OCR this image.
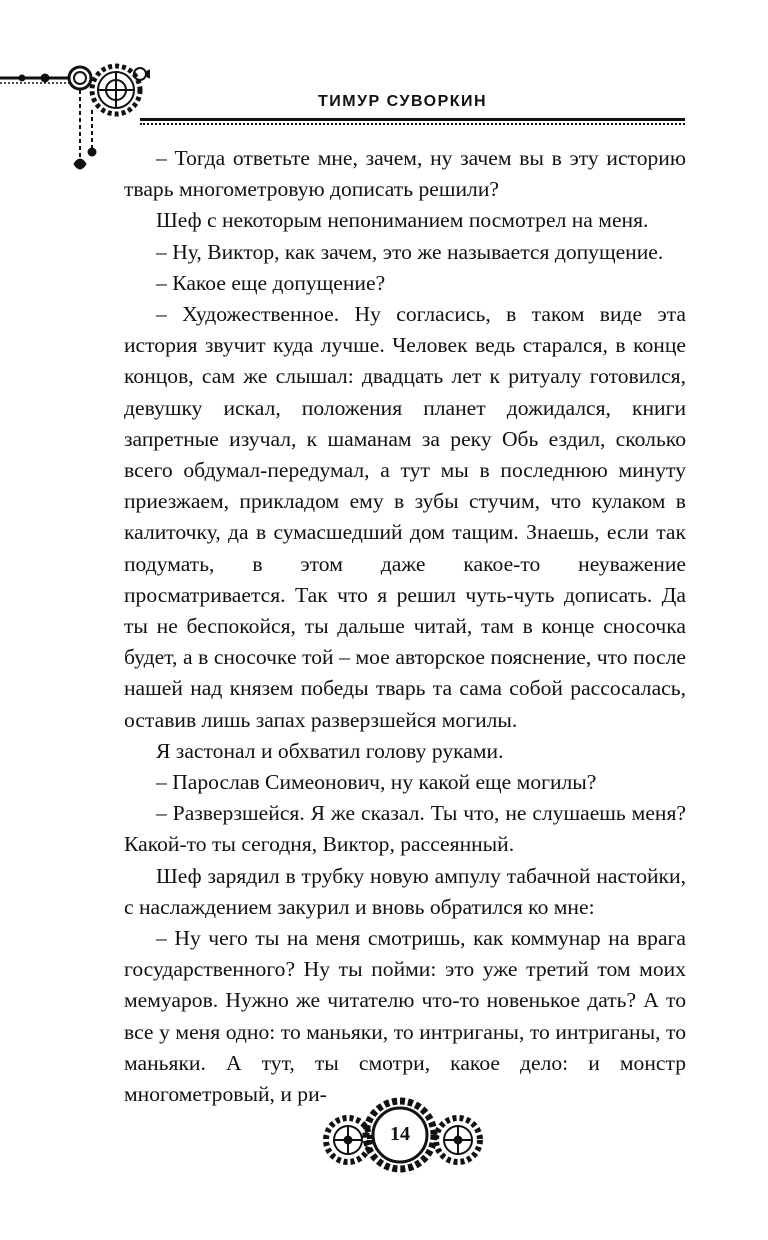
ТИМУР СУВОРКИН

– Тогда ответьте мне, зачем, ну зачем вы в эту историю тварь многометровую дописать решили?

Шеф с некоторым непониманием посмотрел на меня.

– Ну, Виктор, как зачем, это же называется допущение.

– Какое еще допущение?

– Художественное. Ну согласись, в таком виде эта история звучит куда лучше. Человек ведь старался, в конце концов, сам же слышал: двадцать лет к ритуалу готовился, девушку искал, положения планет дожидался, книги запретные изучал, к шаманам за реку Обь ездил, сколько всего обдумал-передумал, а тут мы в последнюю минуту приезжаем, прикладом ему в зубы стучим, что кулаком в калиточку, да в сумасшедший дом тащим. Знаешь, если так подумать, в этом даже какое-то неуважение просматривается. Так что я решил чуть-чуть дописать. Да ты не беспокойся, ты дальше читай, там в конце сносочка будет, а в сносочке той – мое авторское пояснение, что после нашей над князем победы тварь та сама собой рассосалась, оставив лишь запах разверзшейся могилы.

Я застонал и обхватил голову руками.

– Парослав Симеонович, ну какой еще могилы?

– Разверзшейся. Я же сказал. Ты что, не слушаешь меня? Какой-то ты сегодня, Виктор, рассеянный.

Шеф зарядил в трубку новую ампулу табачной настойки, с наслаждением закурил и вновь обратился ко мне:

– Ну чего ты на меня смотришь, как коммунар на врага государственного? Ну ты пойми: это уже третий том моих мемуаров. Нужно же читателю что-то новенькое дать? А то все у меня одно: то маньяки, то интриганы, то интриганы, то маньяки. А тут, ты смотри, какое дело: и монстр многометровый, и ри-

14
